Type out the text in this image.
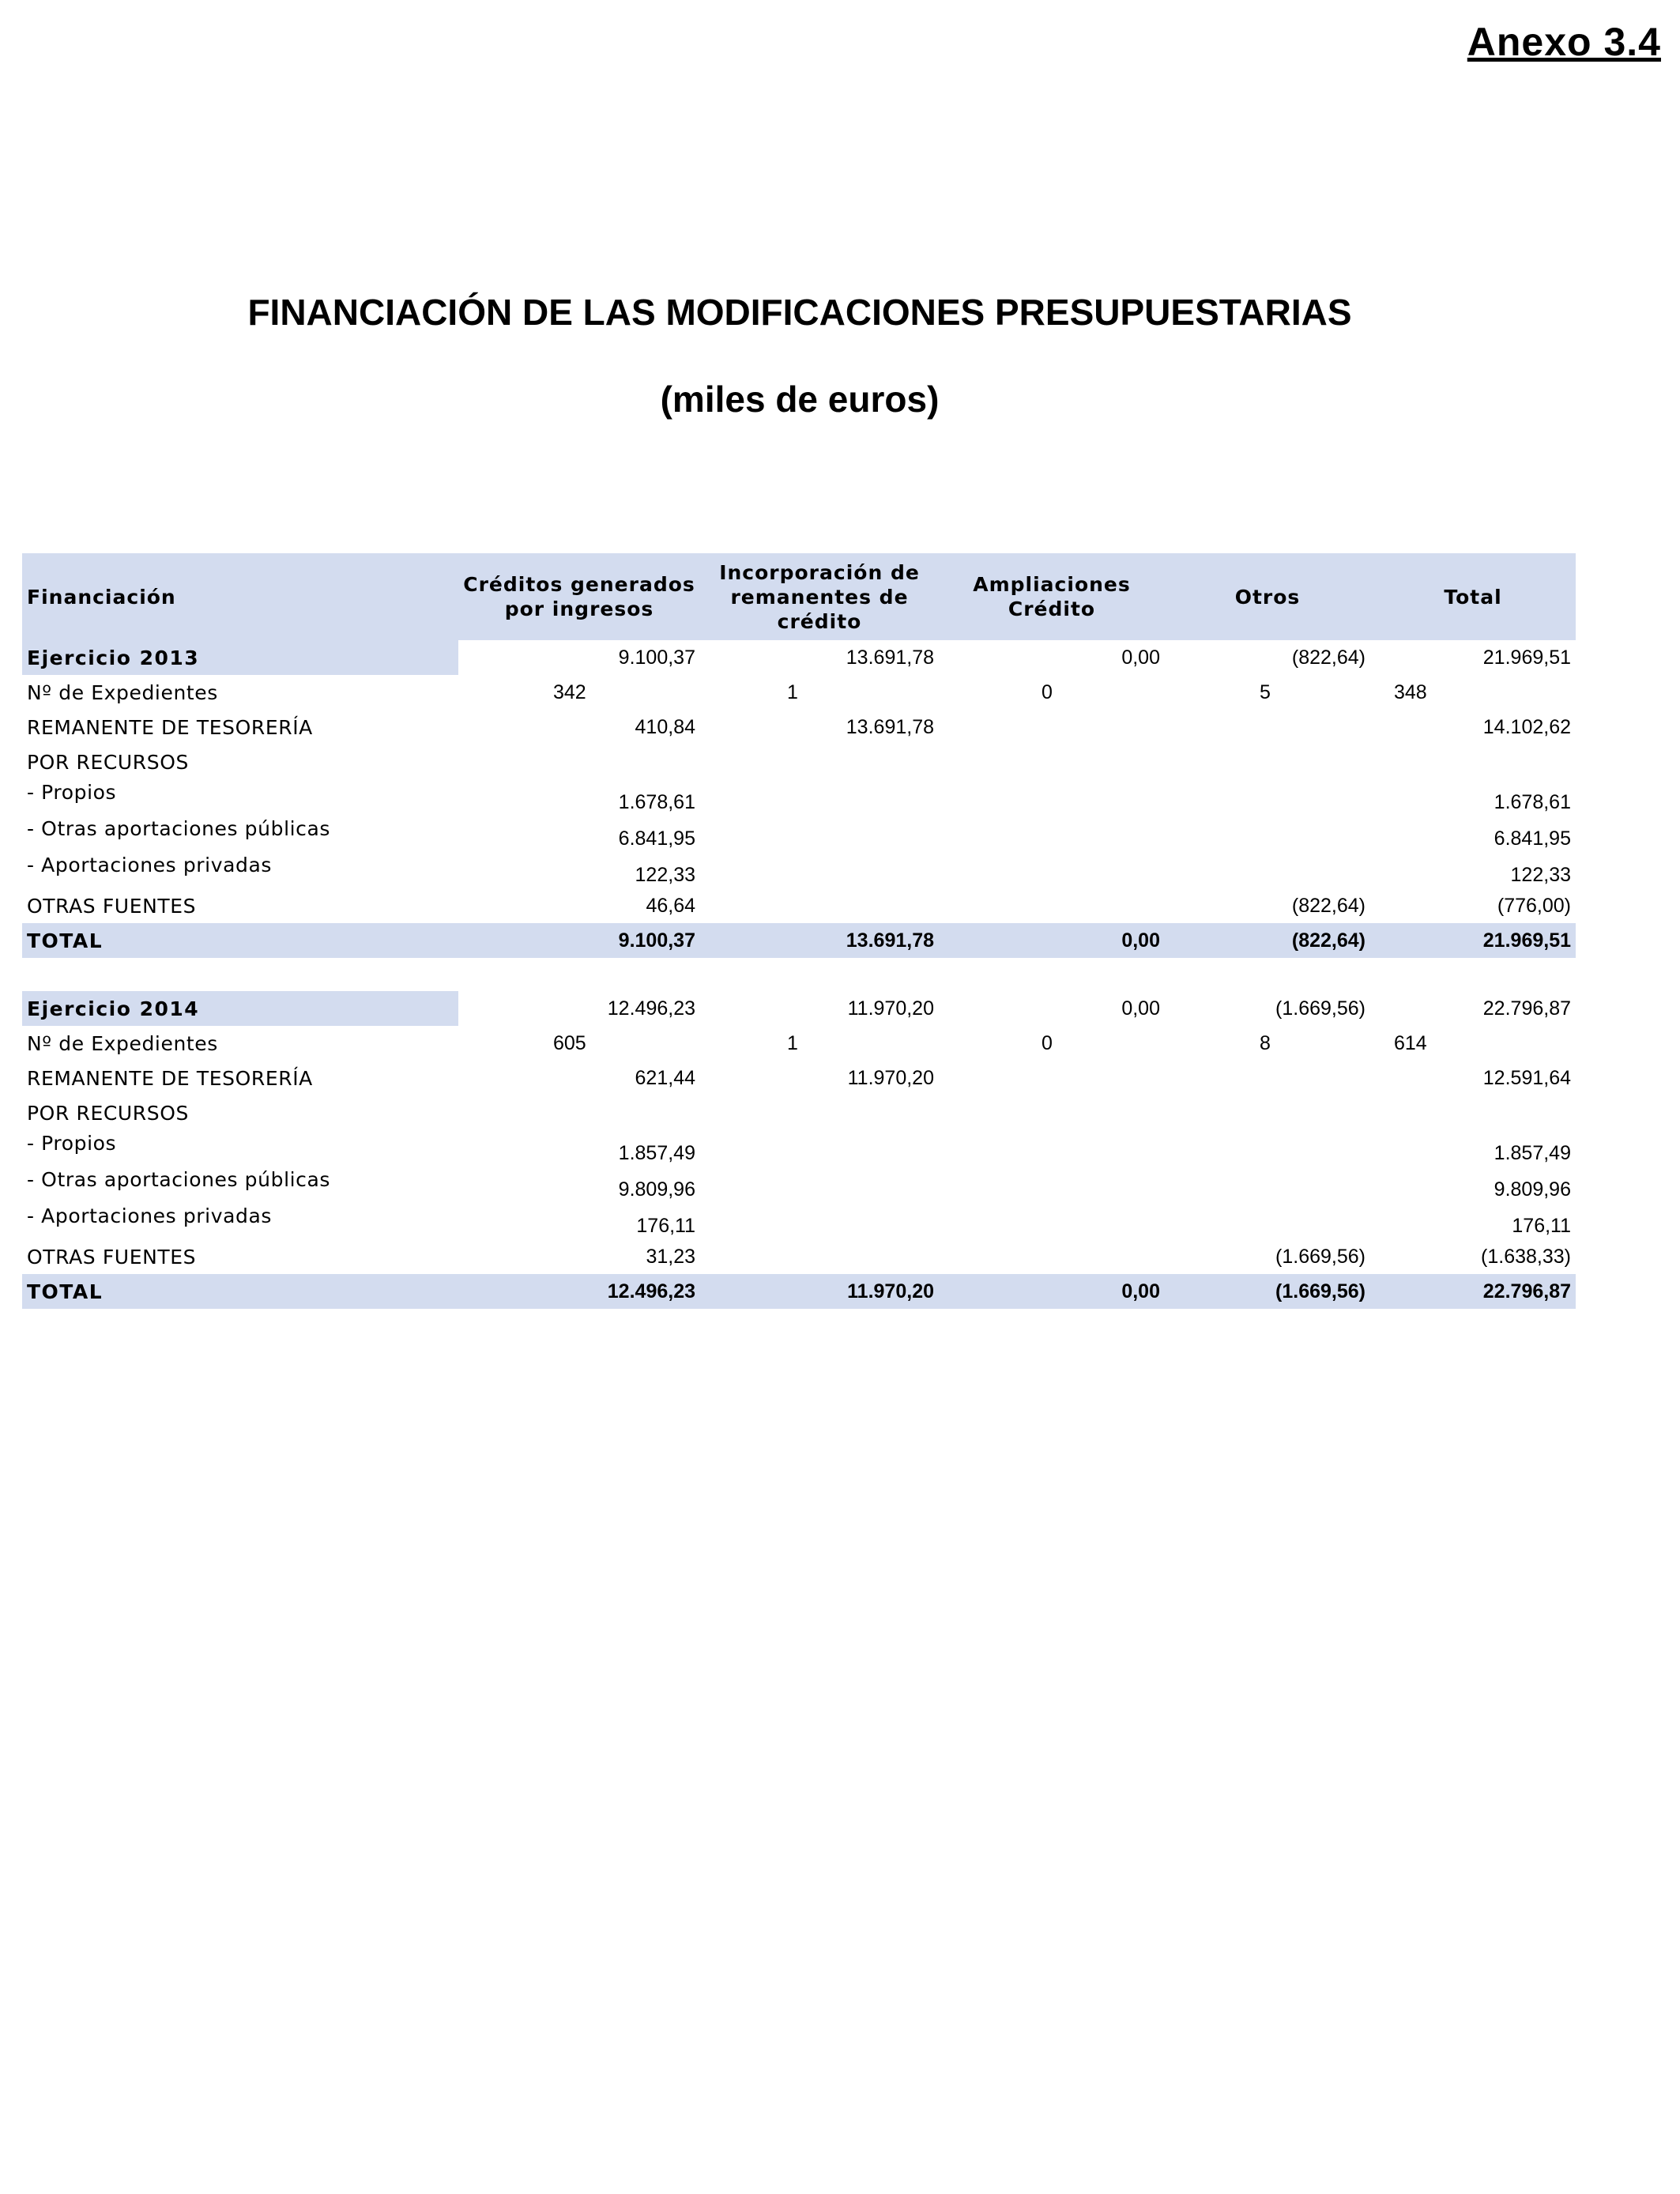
Anexo 3.4
FINANCIACIÓN DE LAS MODIFICACIONES PRESUPUESTARIAS
(miles de euros)
Financiación	Créditos generados por ingresos	Incorporación de remanentes de crédito	Ampliaciones Crédito	Otros	Total
Ejercicio 2013	9.100,37	13.691,78	0,00	(822,64)	21.969,51
Nº de Expedientes	342	1	0	5	348
REMANENTE DE TESORERÍA	410,84	13.691,78			14.102,62
POR RECURSOS					
- Propios	1.678,61				1.678,61
- Otras aportaciones públicas	6.841,95				6.841,95
- Aportaciones privadas	122,33				122,33
OTRAS FUENTES	46,64			(822,64)	(776,00)
TOTAL	9.100,37	13.691,78	0,00	(822,64)	21.969,51

Ejercicio 2014	12.496,23	11.970,20	0,00	(1.669,56)	22.796,87
Nº de Expedientes	605	1	0	8	614
REMANENTE DE TESORERÍA	621,44	11.970,20			12.591,64
POR RECURSOS					
- Propios	1.857,49				1.857,49
- Otras aportaciones públicas	9.809,96				9.809,96
- Aportaciones privadas	176,11				176,11
OTRAS FUENTES	31,23			(1.669,56)	(1.638,33)
TOTAL	12.496,23	11.970,20	0,00	(1.669,56)	22.796,87
